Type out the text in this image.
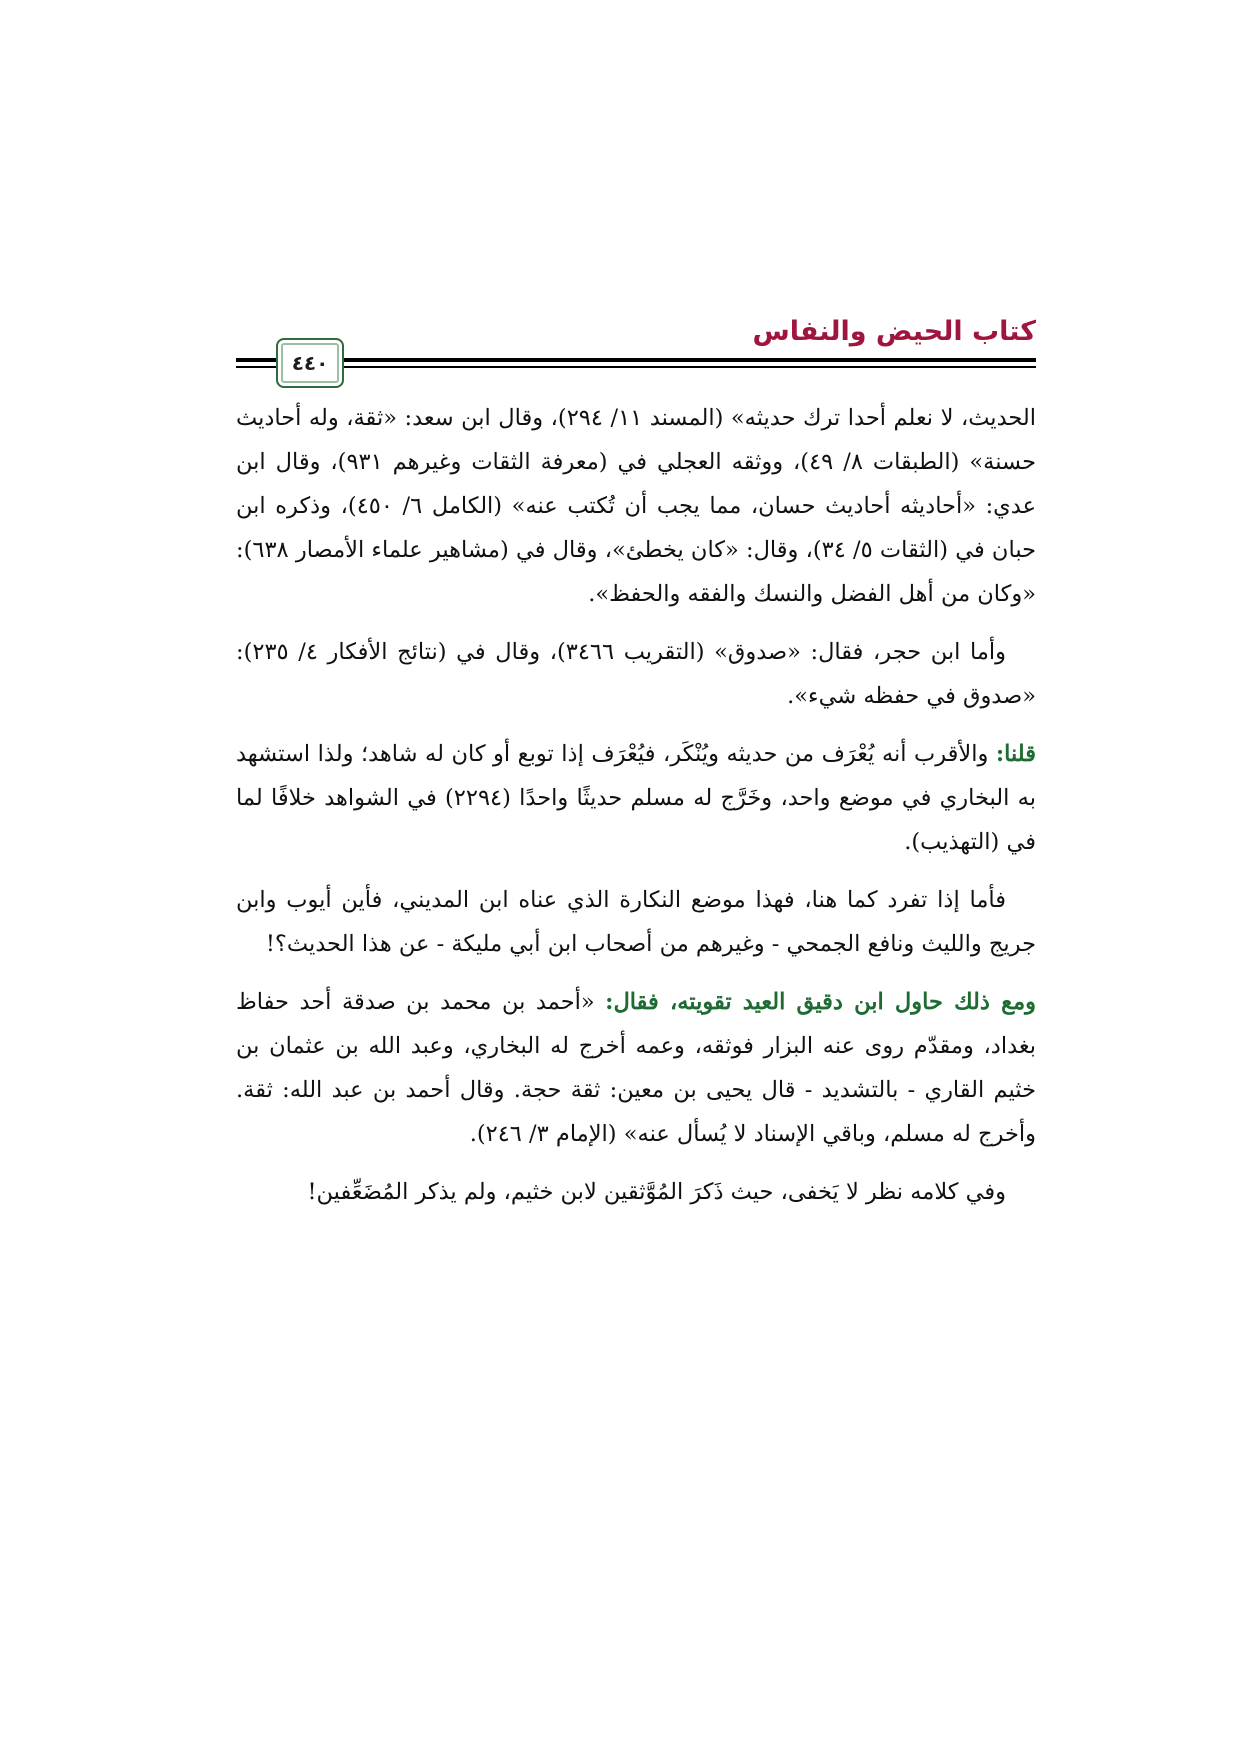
كتاب الحيض والنفاس
٤٤٠

الحديث، لا نعلم أحدا ترك حديثه» (المسند ١١/ ٢٩٤)، وقال ابن سعد: «ثقة، وله أحاديث حسنة» (الطبقات ٨/ ٤٩)، ووثقه العجلي في (معرفة الثقات وغيرهم ٩٣١)، وقال ابن عدي: «أحاديثه أحاديث حسان، مما يجب أن تُكتب عنه» (الكامل ٦/ ٤٥٠)، وذكره ابن حبان في (الثقات ٥/ ٣٤)، وقال: «كان يخطئ»، وقال في (مشاهير علماء الأمصار ٦٣٨): «وكان من أهل الفضل والنسك والفقه والحفظ».

وأما ابن حجر، فقال: «صدوق» (التقريب ٣٤٦٦)، وقال في (نتائج الأفكار ٤/ ٢٣٥): «صدوق في حفظه شيء».

قلنا: والأقرب أنه يُعْرَف من حديثه ويُنْكَر، فيُعْرَف إذا توبع أو كان له شاهد؛ ولذا استشهد به البخاري في موضع واحد، وخَرَّج له مسلم حديثًا واحدًا (٢٢٩٤) في الشواهد خلافًا لما في (التهذيب).

فأما إذا تفرد كما هنا، فهذا موضع النكارة الذي عناه ابن المديني، فأين أيوب وابن جريج والليث ونافع الجمحي - وغيرهم من أصحاب ابن أبي مليكة - عن هذا الحديث؟!

ومع ذلك حاول ابن دقيق العيد تقويته، فقال: «أحمد بن محمد بن صدقة أحد حفاظ بغداد، ومقدّم روى عنه البزار فوثقه، وعمه أخرج له البخاري، وعبد الله بن عثمان بن خثيم القاري - بالتشديد - قال يحيى بن معين: ثقة حجة. وقال أحمد بن عبد الله: ثقة. وأخرج له مسلم، وباقي الإسناد لا يُسأل عنه» (الإمام ٣/ ٢٤٦).

وفي كلامه نظر لا يَخفى، حيث ذَكرَ المُوَّثقين لابن خثيم، ولم يذكر المُضَعِّفين!
